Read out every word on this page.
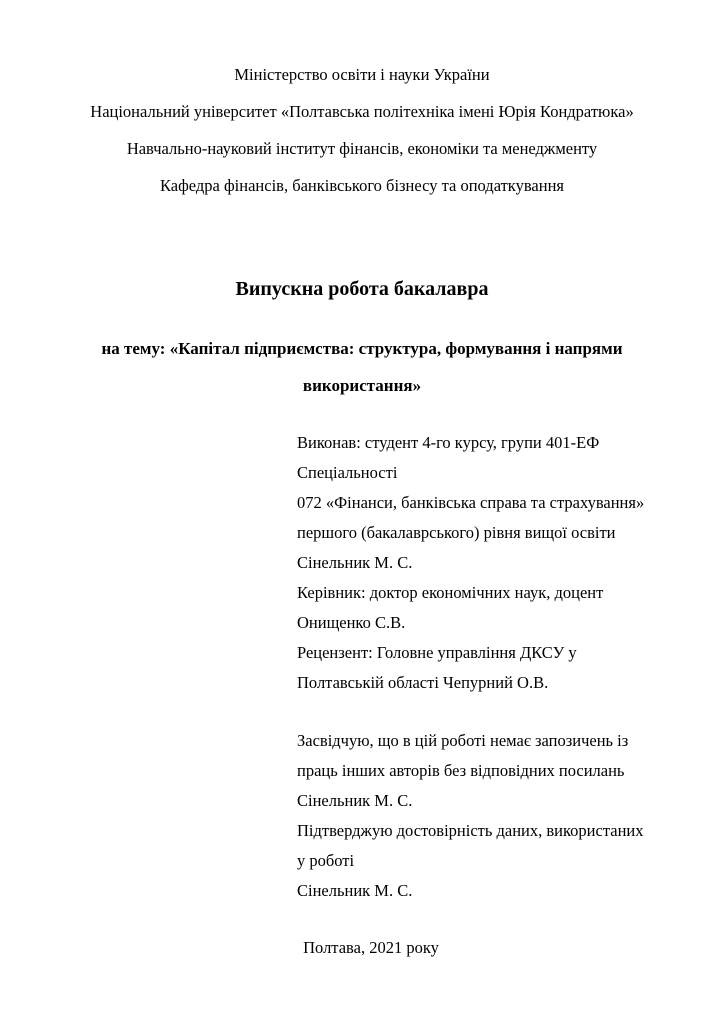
Міністерство освіти і науки України

Національний університет «Полтавська політехніка імені Юрія Кондратюка»

Навчально-науковий інститут фінансів, економіки та менеджменту

Кафедра фінансів, банківського бізнесу та оподаткування

Випускна робота бакалавра

на тему: «Капітал підприємства: структура, формування і напрями

використання»

Виконав: студент 4-го курсу, групи 401-ЕФ

Спеціальності

072 «Фінанси, банківська справа та страхування»

першого (бакалаврського) рівня вищої освіти

Сінельник М. С.

Керівник: доктор економічних наук, доцент

Онищенко С.В.

Рецензент: Головне управління ДКСУ у

Полтавській області Чепурний О.В.

Засвідчую, що в цій роботі немає запозичень із

праць інших авторів без відповідних посилань

Сінельник М. С.

Підтверджую достовірність даних, використаних

у роботі

Сінельник М. С.

Полтава, 2021 року
